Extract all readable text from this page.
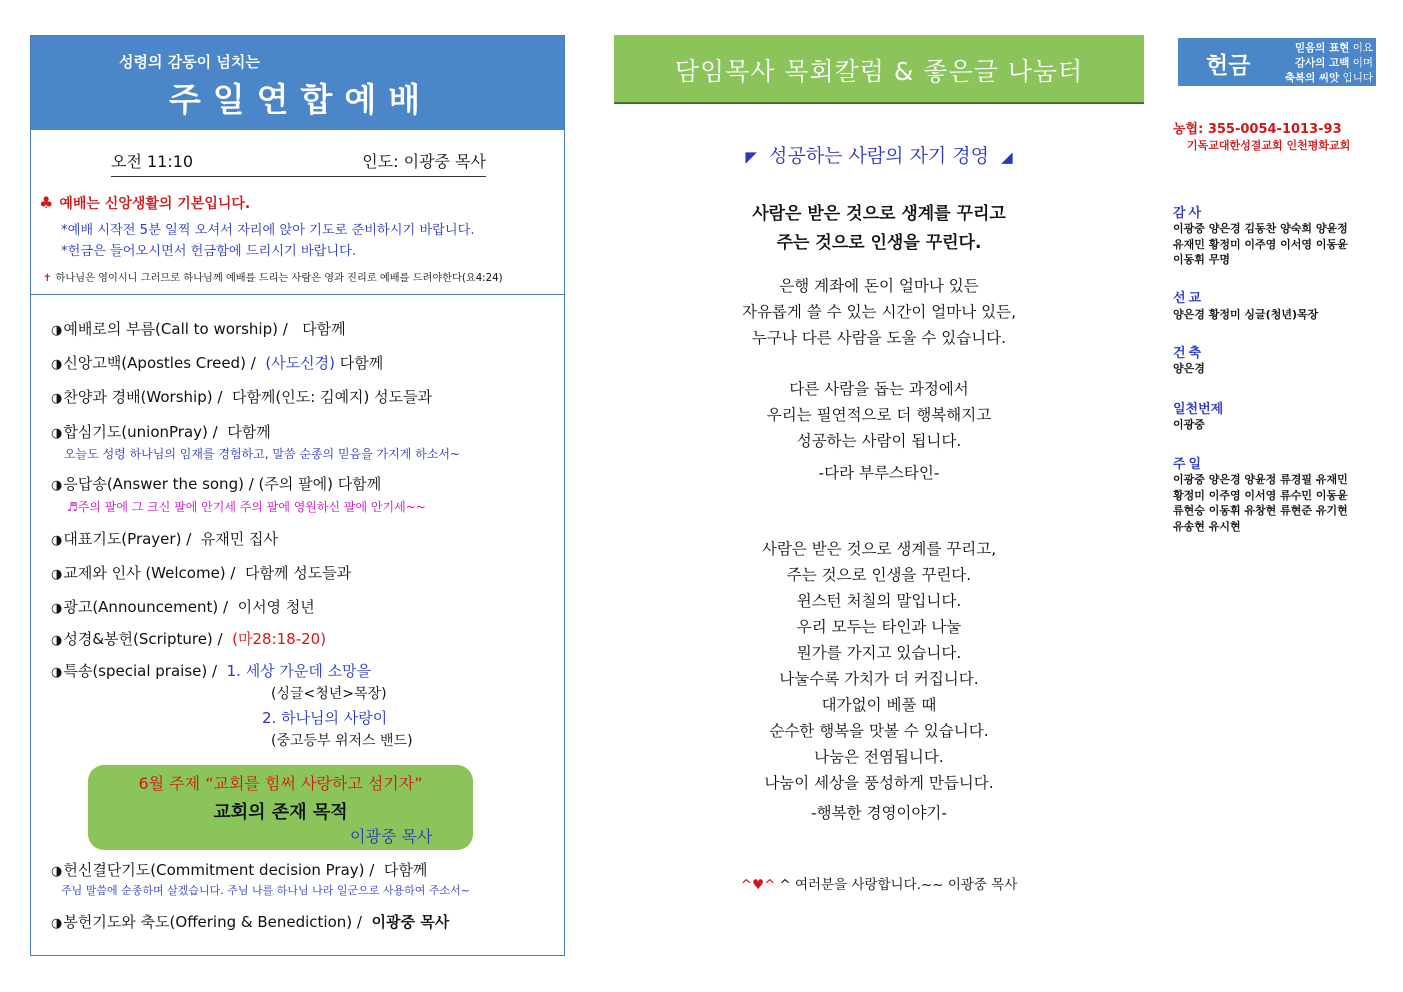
성령의 감동이 넘치는
주일연합예배
오전 11:10	인도: 이광중 목사
♣ 예배는 신앙생활의 기본입니다.
*예배 시작전 5분 일찍 오셔서 자리에 앉아 기도로 준비하시기 바랍니다.
*헌금은 들어오시면서 헌금함에 드리시기 바랍니다.
✝ 하나님은 영이시니 그러므로 하나님께 예배를 드리는 사람은 영과 진리로 예배를 드려야한다(요4:24)
◑예배로의 부름(Call to worship) / 다함께
◑신앙고백(Apostles Creed) / (사도신경) 다함께
◑찬양과 경배(Worship) / 다함께(인도: 김예지) 성도들과
◑합심기도(unionPray) / 다함께
오늘도 성령 하나님의 임재를 경험하고, 말씀 순종의 믿음을 가지게 하소서~
◑응답송(Answer the song) / (주의 팔에) 다함께
♬주의 팔에 그 크신 팔에 안기세 주의 팔에 영원하신 팔에 안기세~~
◑대표기도(Prayer) / 유재민 집사
◑교제와 인사 (Welcome) / 다함께 성도들과
◑광고(Announcement) / 이서영 청년
◑성경&봉헌(Scripture) / (마28:18-20)
◑특송(special praise) / 1. 세상 가운데 소망을
(싱글<청년>목장)
2. 하나님의 사랑이
(중고등부 위저스 밴드)
6월 주제 “교회를 힘써 사랑하고 섬기자”
교회의 존재 목적
이광중 목사
◑헌신결단기도(Commitment decision Pray) / 다함께
주님 말씀에 순종하며 살겠습니다. 주님 나를 하나님 나라 일군으로 사용하여 주소서~
◑봉헌기도와 축도(Offering & Benediction) / 이광중 목사
담임목사 목회칼럼 & 좋은글 나눔터
◤ 성공하는 사람의 자기 경영 ◢
사람은 받은 것으로 생계를 꾸리고
주는 것으로 인생을 꾸린다.
은행 계좌에 돈이 얼마나 있든
자유롭게 쓸 수 있는 시간이 얼마나 있든,
누구나 다른 사람을 도울 수 있습니다.
다른 사람을 돕는 과정에서
우리는 필연적으로 더 행복해지고
성공하는 사람이 됩니다.
-다라 부루스타인-
사람은 받은 것으로 생계를 꾸리고,
주는 것으로 인생을 꾸린다.
윈스턴 처칠의 말입니다.
우리 모두는 타인과 나눌
뭔가를 가지고 있습니다.
나눌수록 가치가 더 커집니다.
대가없이 베풀 때
순수한 행복을 맛볼 수 있습니다.
나눔은 전염됩니다.
나눔이 세상을 풍성하게 만듭니다.
-행복한 경영이야기-
^♥^ ^ 여러분을 사랑합니다.~~ 이광중 목사
헌금
믿음의 표현 이요
감사의 고백 이며
축복의 씨앗 입니다
농협: 355-0054-1013-93
기독교대한성결교회 인천평화교회
감사
이광중 양은경 김동찬 양숙희 양윤정
유재민 황정미 이주영 이서영 이동윤
이동휘 무명
선교
양은경 황정미 싱글(청년)목장
건축
양은경
일천번제
이광중
주일
이광중 양은경 양윤정 류경필 유재민
황정미 이주영 이서영 류수민 이동윤
류현승 이동휘 유창현 류현준 유기현
유송현 유시현
